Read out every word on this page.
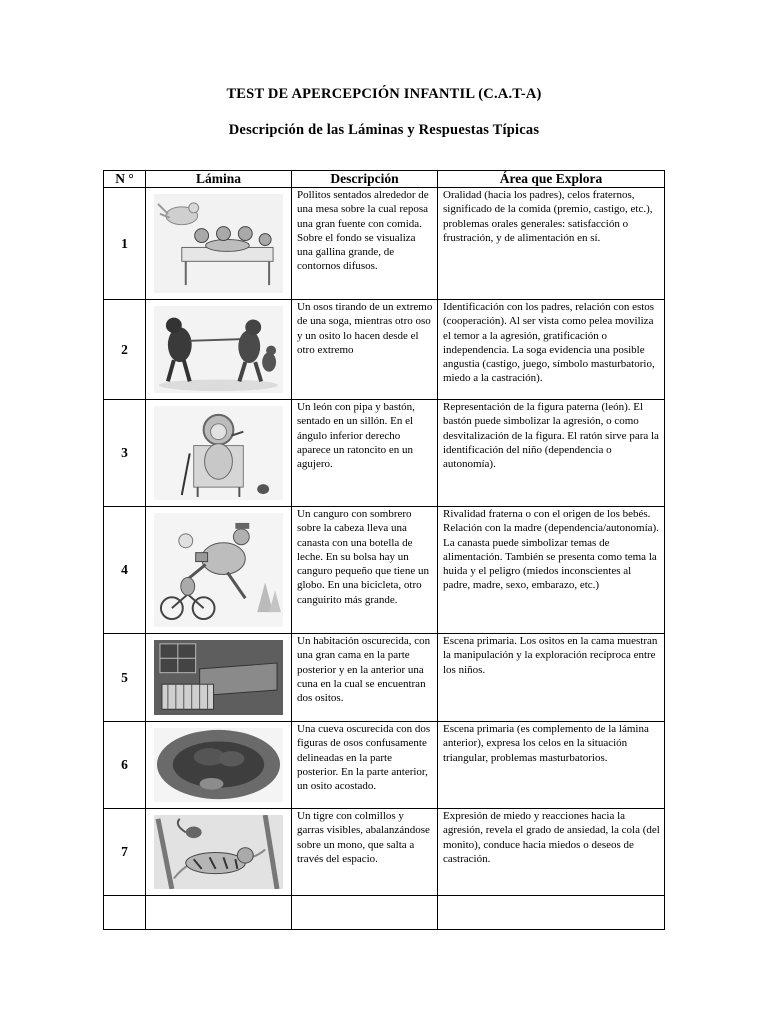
TEST DE APERCEPCIÓN INFANTIL (C.A.T-A)
Descripción de las Láminas y Respuestas Típicas
N °	Lámina	Descripción	Área que Explora
1		Pollitos sentados alrededor de una mesa sobre la cual reposa una gran fuente con comida. Sobre el fondo se visualiza una gallina grande, de contornos difusos.	Oralidad (hacia los padres), celos fraternos, significado de la comida (premio, castigo, etc.), problemas orales generales: satisfacción o frustración, y de alimentación en sí.
2		Un osos tirando de un extremo de una soga, mientras otro oso y un osito lo hacen desde el otro extremo	Identificación con los padres, relación con estos (cooperación). Al ser vista como pelea moviliza el temor a la agresión, gratificación o independencia. La soga evidencia una posible angustia (castigo, juego, símbolo masturbatorio, miedo a la castración).
3		Un león con pipa y bastón, sentado en un sillón. En el ángulo inferior derecho aparece un ratoncito en un agujero.	Representación de la figura paterna (león). El bastón puede simbolizar la agresión, o como desvitalización de la figura. El ratón sirve para la identificación del niño (dependencia o autonomía).
4		Un canguro con sombrero sobre la cabeza lleva una canasta con una botella de leche. En su bolsa hay un canguro pequeño que tiene un globo. En una bicicleta, otro canguirito más grande.	Rivalidad fraterna o con el origen de los bebés. Relación con la madre (dependencia/autonomía). La canasta puede simbolizar temas de alimentación. También se presenta como tema la huida y el peligro (miedos inconscientes al padre, madre, sexo, embarazo, etc.)
5		Un habitación oscurecida, con una gran cama en la parte posterior y en la anterior una cuna en la cual se encuentran dos ositos.	Escena primaria. Los ositos en la cama muestran la manipulación y la exploración recíproca entre los niños.
6		Una cueva oscurecida con dos figuras de osos confusamente delineadas en la parte posterior. En la parte anterior, un osito acostado.	Escena primaria (es complemento de la lámina anterior), expresa los celos en la situación triangular, problemas masturbatorios.
7		Un tigre con colmillos y garras visibles, abalanzándose sobre un mono, que salta a través del espacio.	Expresión de miedo y reacciones hacia la agresión, revela el grado de ansiedad, la cola (del monito), conduce hacia miedos o deseos de castración.
